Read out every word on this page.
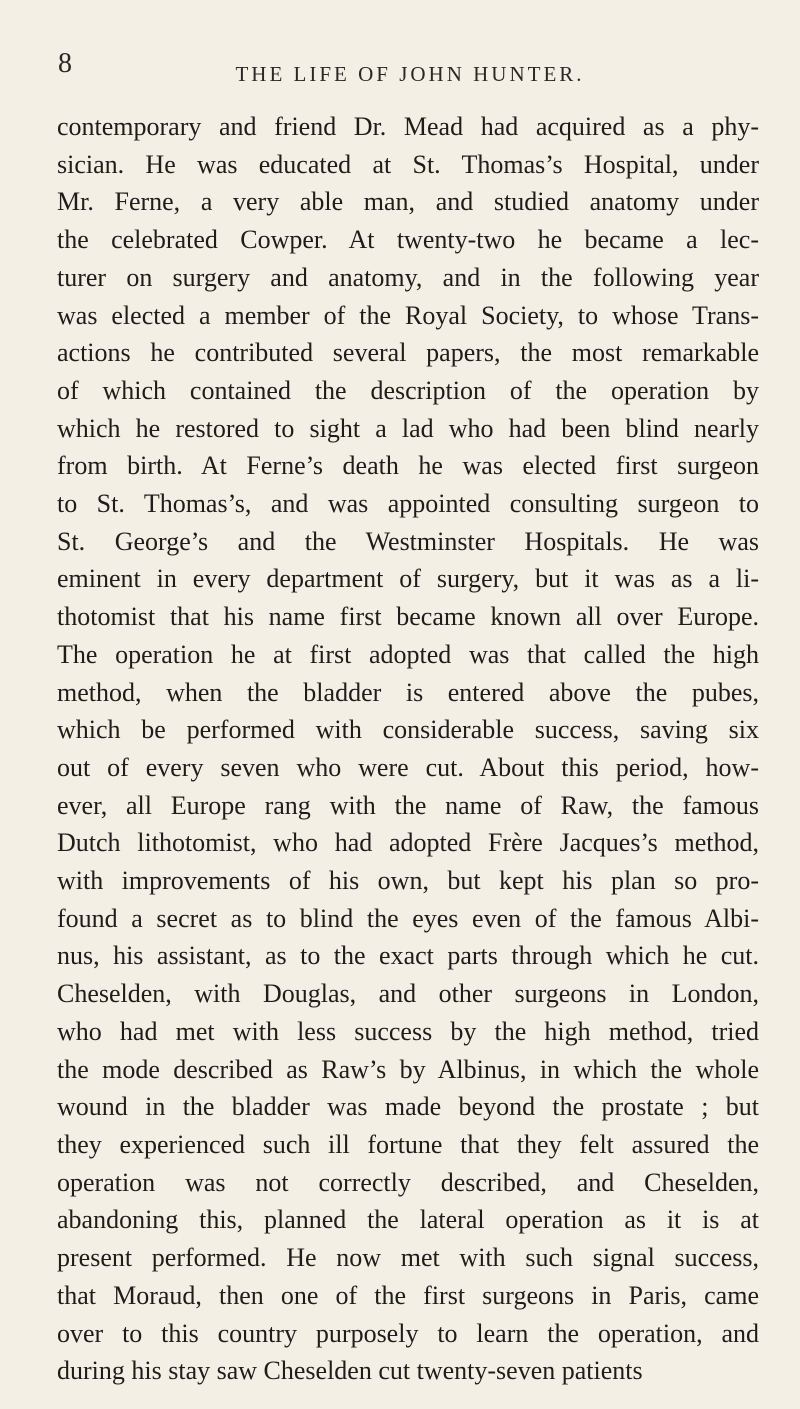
8	THE LIFE OF JOHN HUNTER.
contemporary and friend Dr. Mead had acquired as a phy-
sician. He was educated at St. Thomas’s Hospital, under
Mr. Ferne, a very able man, and studied anatomy under
the celebrated Cowper. At twenty-two he became a lec-
turer on surgery and anatomy, and in the following year
was elected a member of the Royal Society, to whose Trans-
actions he contributed several papers, the most remarkable
of which contained the description of the operation by
which he restored to sight a lad who had been blind nearly
from birth. At Ferne’s death he was elected first surgeon
to St. Thomas’s, and was appointed consulting surgeon to
St. George’s and the Westminster Hospitals. He was
eminent in every department of surgery, but it was as a li-
thotomist that his name first became known all over Europe.
The operation he at first adopted was that called the high
method, when the bladder is entered above the pubes,
which be performed with considerable success, saving six
out of every seven who were cut. About this period, how-
ever, all Europe rang with the name of Raw, the famous
Dutch lithotomist, who had adopted Frère Jacques’s method,
with improvements of his own, but kept his plan so pro-
found a secret as to blind the eyes even of the famous Albi-
nus, his assistant, as to the exact parts through which he cut.
Cheselden, with Douglas, and other surgeons in London,
who had met with less success by the high method, tried
the mode described as Raw’s by Albinus, in which the whole
wound in the bladder was made beyond the prostate ; but
they experienced such ill fortune that they felt assured the
operation was not correctly described, and Cheselden,
abandoning this, planned the lateral operation as it is at
present performed. He now met with such signal success,
that Moraud, then one of the first surgeons in Paris, came
over to this country purposely to learn the operation, and
during his stay saw Cheselden cut twenty-seven patients
